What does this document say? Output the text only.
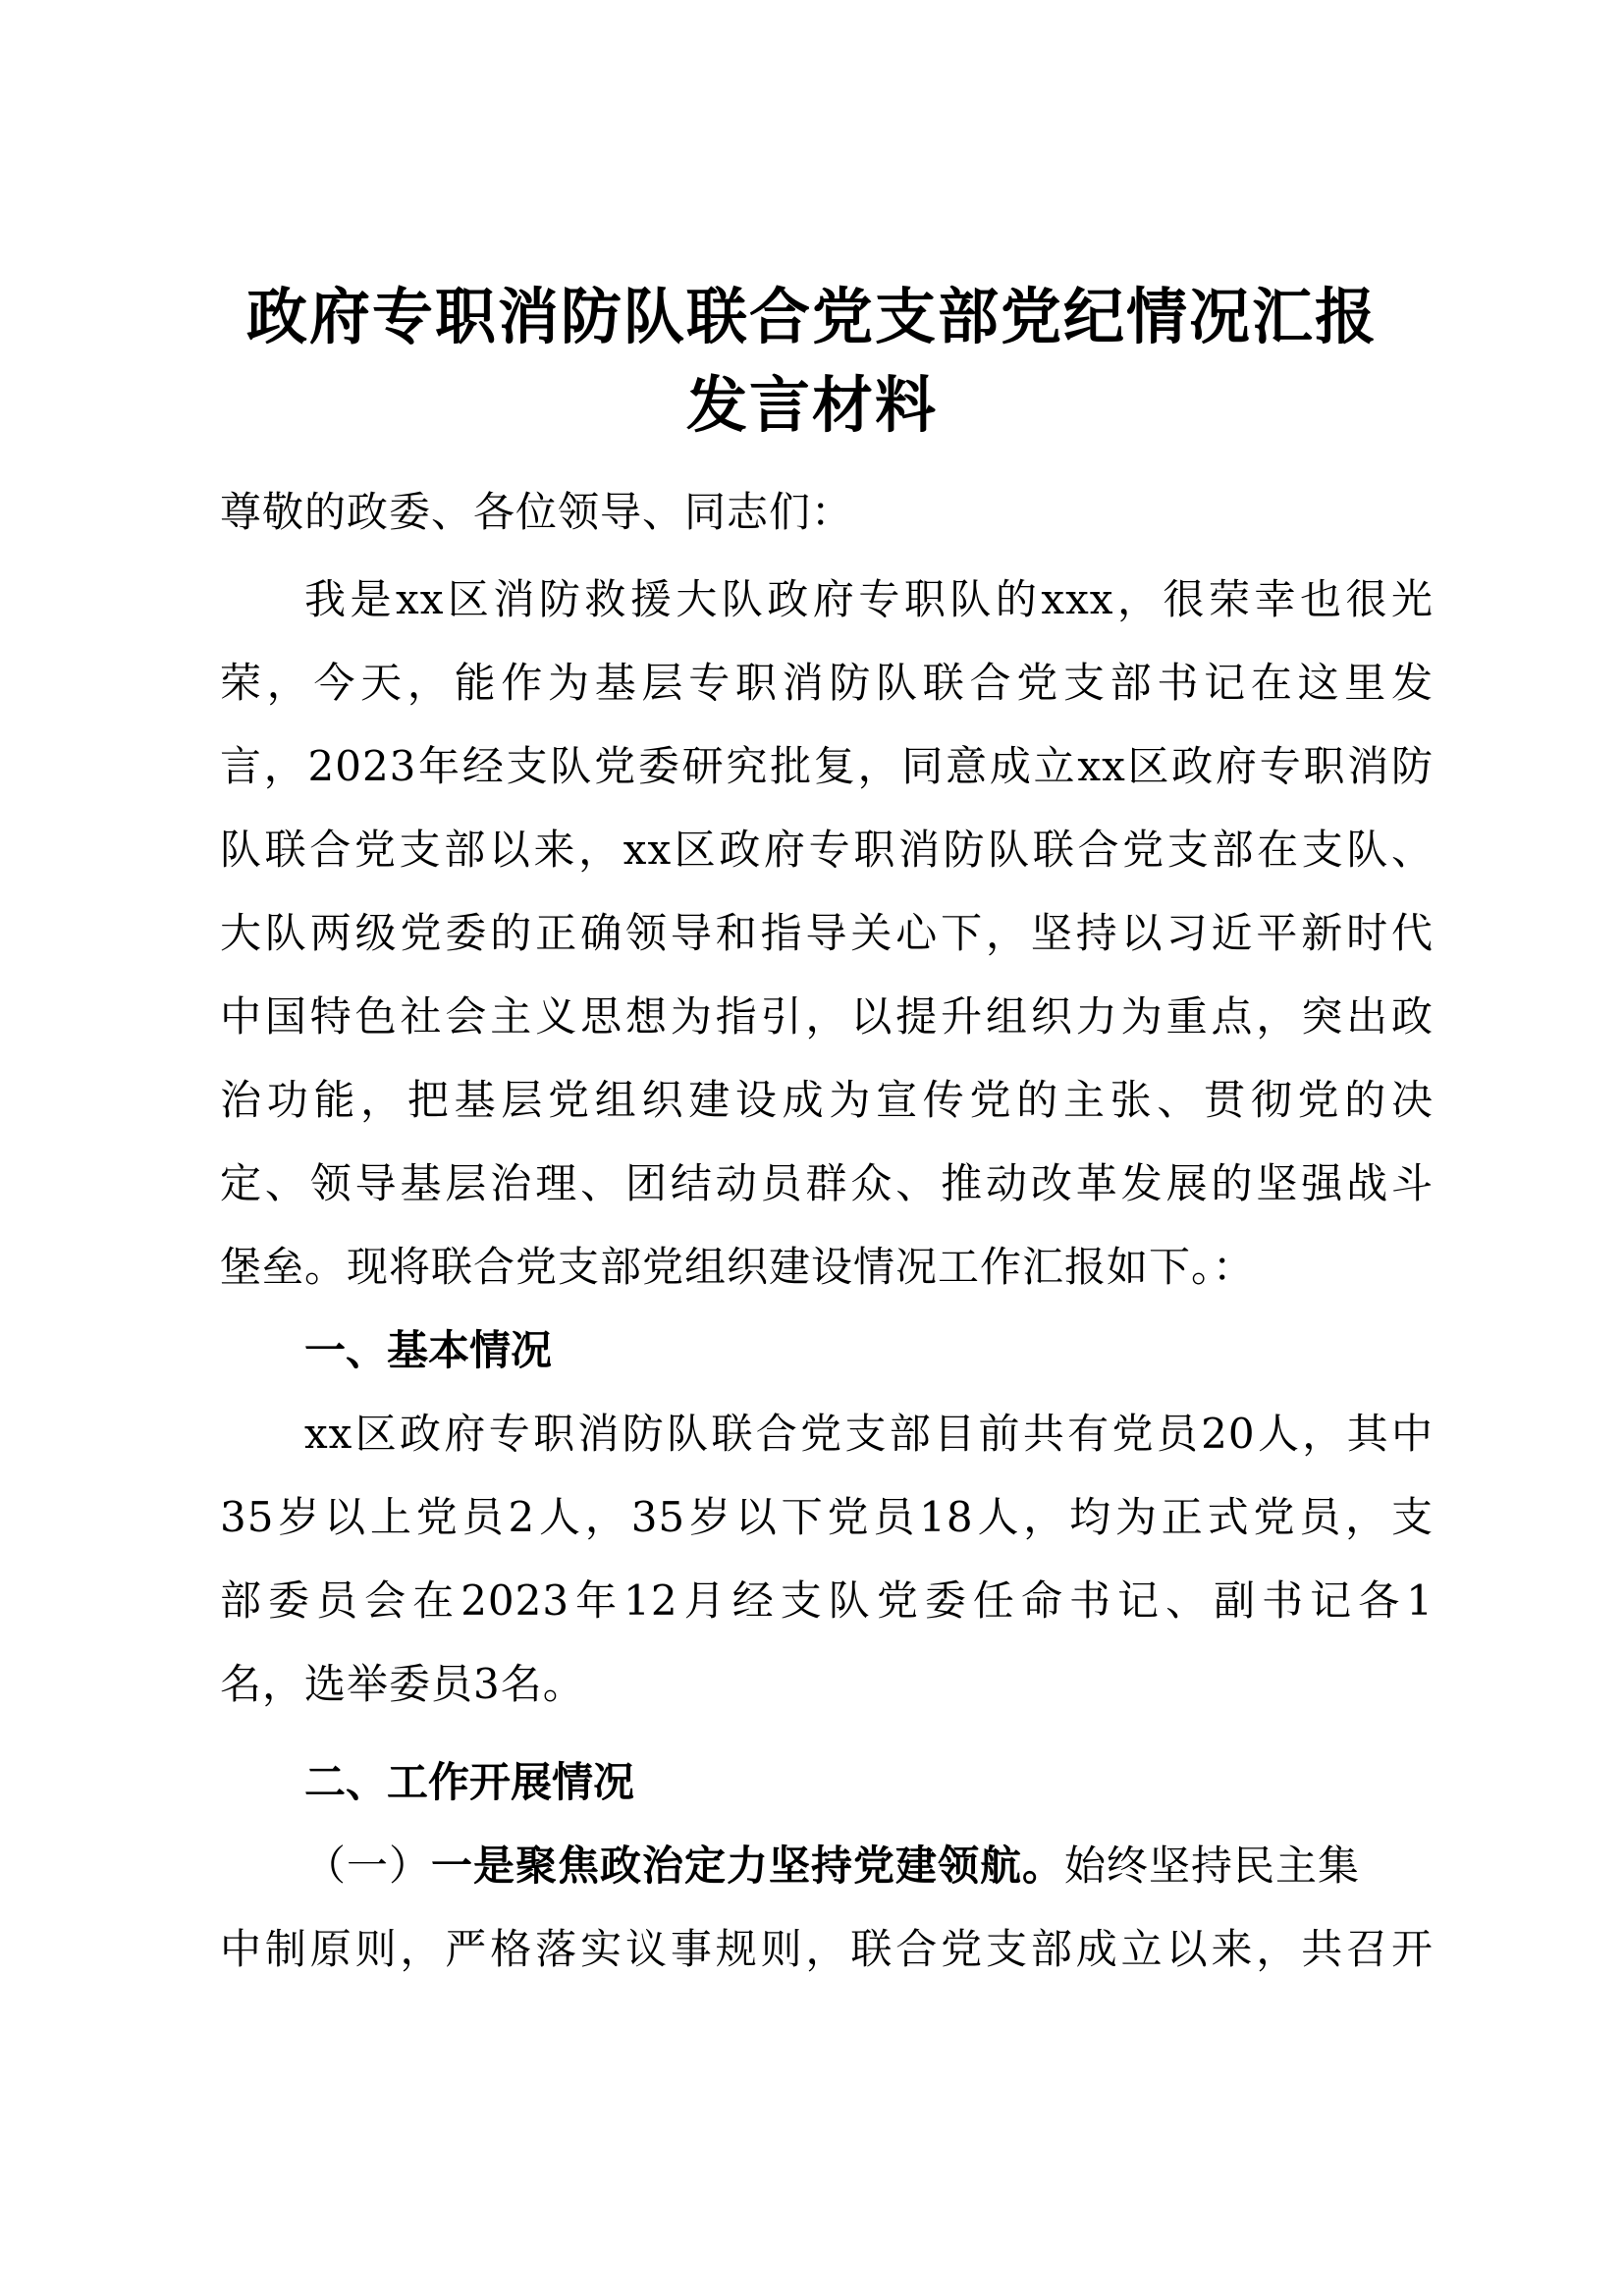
政府专职消防队联合党支部党纪情况汇报
发言材料
尊敬的政委、各位领导、同志们：
我是xx区消防救援大队政府专职队的xxx，很荣幸也很光
荣，今天，能作为基层专职消防队联合党支部书记在这里发
言，2023年经支队党委研究批复，同意成立xx区政府专职消防
队联合党支部以来，xx区政府专职消防队联合党支部在支队、
大队两级党委的正确领导和指导关心下，坚持以习近平新时代
中国特色社会主义思想为指引，以提升组织力为重点，突出政
治功能，把基层党组织建设成为宣传党的主张、贯彻党的决
定、领导基层治理、团结动员群众、推动改革发展的坚强战斗
堡垒。现将联合党支部党组织建设情况工作汇报如下。：
一、基本情况
xx区政府专职消防队联合党支部目前共有党员20人，其中
35岁以上党员2人，35岁以下党员18人，均为正式党员，支
部委员会在2023年12月经支队党委任命书记、副书记各1
名，选举委员3名。
二、工作开展情况
（一）一是聚焦政治定力坚持党建领航。始终坚持民主集
中制原则，严格落实议事规则，联合党支部成立以来，共召开
